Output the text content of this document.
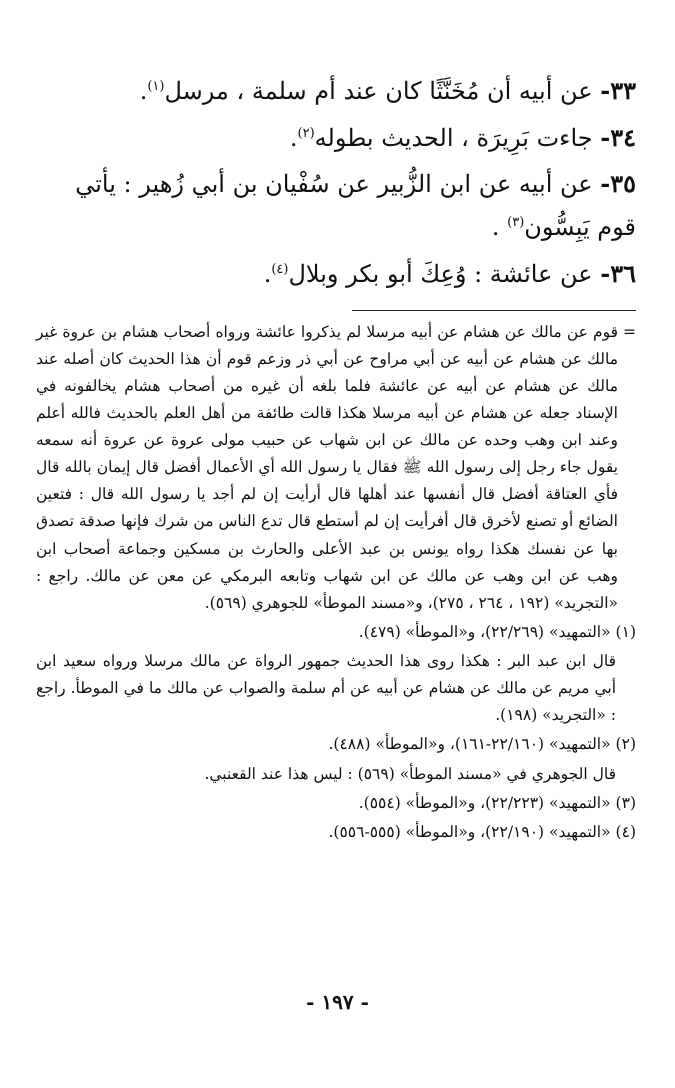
٣٣- عن أبيه أن مُخَنَّثًا كان عند أم سلمة ، مرسل$^{(١)}$.
٣٤- جاءت بَرِيرَة ، الحديث بطوله$^{(٢)}$.
٣٥- عن أبيه عن ابن الزُّبير عن سُفْيان بن أبي زُهير : يأتي قوم يَبِسُّون$^{(٣)}$ .
٣٦- عن عائشة : وُعِكَ أبو بكر وبلال$^{(٤)}$.

=
قوم عن مالك عن هشام عن أبيه مرسلا لم يذكروا عائشة ورواه أصحاب هشام بن عروة غير مالك عن هشام عن أبيه عن أبي مراوح عن أبي ذر وزعم قوم أن هذا الحديث كان أصله عند مالك عن هشام عن أبيه عن عائشة فلما بلغه أن غيره من أصحاب هشام يخالفونه في الإسناد جعله عن هشام عن أبيه مرسلا هكذا قالت طائفة من أهل العلم بالحديث فالله أعلم وعند ابن وهب وحده عن مالك عن ابن شهاب عن حبيب مولى عروة عن عروة أنه سمعه يقول جاء رجل إلى رسول الله ﷺ فقال يا رسول الله أي الأعمال أفضل قال إيمان بالله قال فأي العتاقة أفضل قال أنفسها عند أهلها قال أرأيت إن لم أجد يا رسول الله قال : فتعين الضائع أو تصنع لأخرق قال أفرأيت إن لم أستطع قال تدع الناس من شرك فإنها صدقة تصدق بها عن نفسك هكذا رواه يونس بن عبد الأعلى والحارث بن مسكين وجماعة أصحاب ابن وهب عن ابن وهب عن مالك عن ابن شهاب وتابعه البرمكي عن معن عن مالك. راجع : «التجريد» (١٩٢ ، ٢٦٤ ، ٢٧٥)، و«مسند الموطأ» للجوهري (٥٦٩).

(١) «التمهيد» (٢٢/٢٦٩)، و«الموطأ» (٤٧٩).

قال ابن عبد البر : هكذا روى هذا الحديث جمهور الرواة عن مالك مرسلا ورواه سعيد ابن أبي مريم عن مالك عن هشام عن أبيه عن أم سلمة والصواب عن مالك ما في الموطأ. راجع : «التجريد» (١٩٨).

(٢) «التمهيد» (٢٢/١٦٠-١٦١)، و«الموطأ» (٤٨٨).

قال الجوهري في «مسند الموطأ» (٥٦٩) : ليس هذا عند القعنبي.

(٣) «التمهيد» (٢٢/٢٢٣)، و«الموطأ» (٥٥٤).

(٤) «التمهيد» (٢٢/١٩٠)، و«الموطأ» (٥٥٥-٥٥٦).

- ١٩٧ -
